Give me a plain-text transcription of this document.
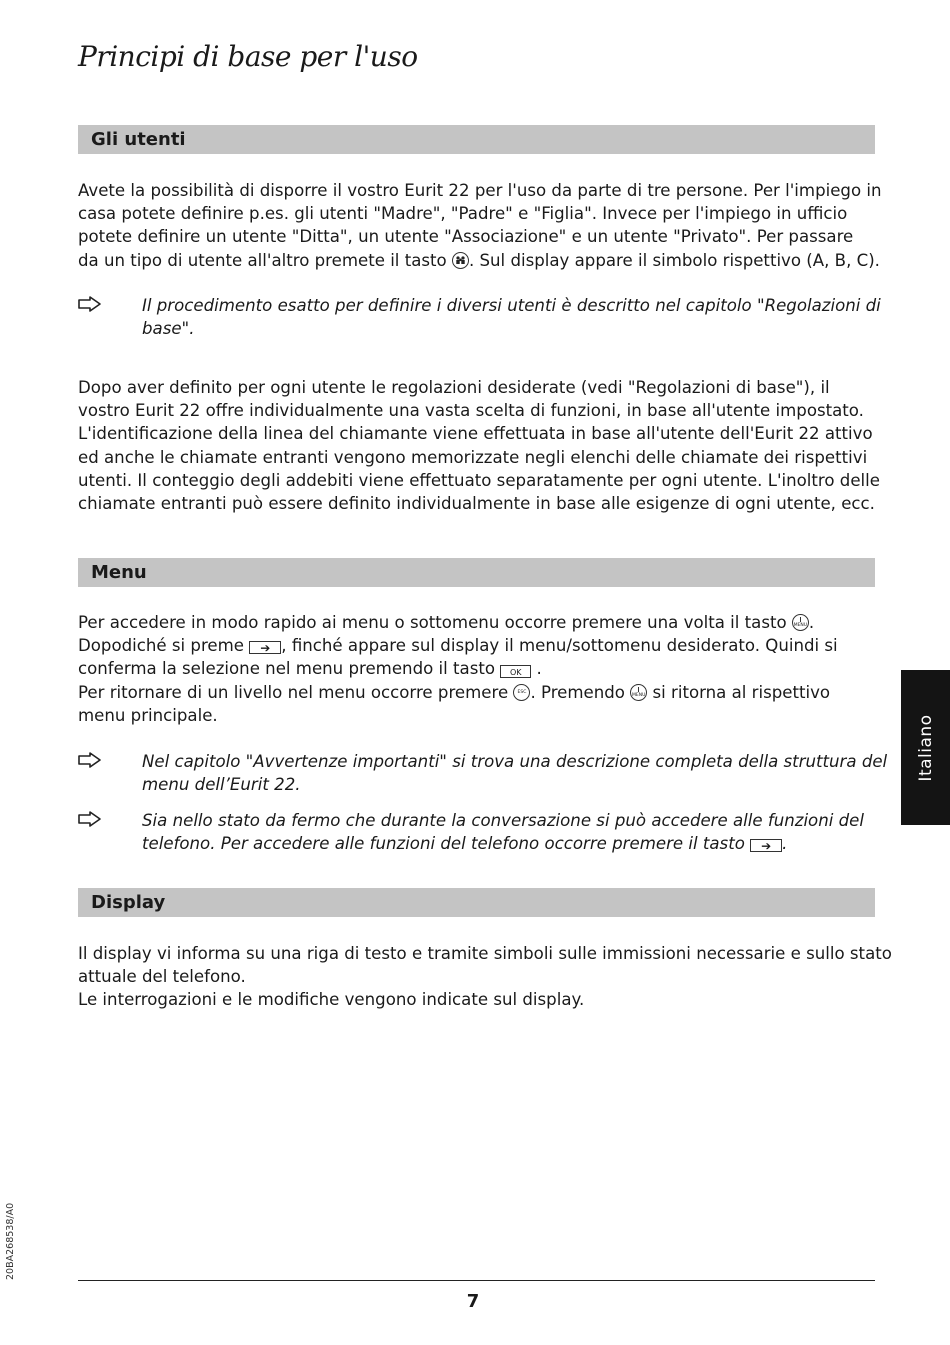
Principi di base per l'uso
Gli utenti
Avete la possibilità di disporre il vostro Eurit 22 per l'uso da parte di tre persone. Per l'impiego in
casa potete definire p.es. gli utenti "Madre", "Padre" e "Figlia". Invece per l'impiego in ufficio
potete definire un utente "Ditta", un utente "Associazione" e un utente "Privato". Per passare
da un tipo di utente all'altro premete il tasto
. Sul display appare il simbolo rispettivo (A, B, C).
Il procedimento esatto per definire i diversi utenti è descritto nel capitolo "Regolazioni di
base".
Dopo aver definito per ogni utente le regolazioni desiderate (vedi "Regolazioni di base"), il
vostro Eurit 22 offre individualmente una vasta scelta di funzioni, in base all'utente impostato.
L'identificazione della linea del chiamante viene effettuata in base all'utente dell'Eurit 22 attivo
ed anche le chiamate entranti vengono memorizzate negli elenchi delle chiamate dei rispettivi
utenti. Il conteggio degli addebiti viene effettuato separatamente per ogni utente. L'inoltro delle
chiamate entranti può essere definito individualmente in base alle esigenze di ogni utente, ecc.
Menu
Per accedere in modo rapido ai menu o sottomenu occorre premere una volta il tasto MENU .
Dopodiché si preme ➔ , finché appare sul display il menu/sottomenu desiderato. Quindi si
conferma la selezione nel menu premendo il tasto OK .
Per ritornare di un livello nel menu occorre premere ESC . Premendo MENU si ritorna al rispettivo
menu principale.
Nel capitolo "Avvertenze importanti" si trova una descrizione completa della struttura del
menu dell’Eurit 22.
Sia nello stato da fermo che durante la conversazione si può accedere alle funzioni del
telefono. Per accedere alle funzioni del telefono occorre premere il tasto ➔ .
Display
Il display vi informa su una riga di testo e tramite simboli sulle immissioni necessarie e sullo stato
attuale del telefono.
Le interrogazioni e le modifiche vengono indicate sul display.
Italiano
20BA268538/A0
7
